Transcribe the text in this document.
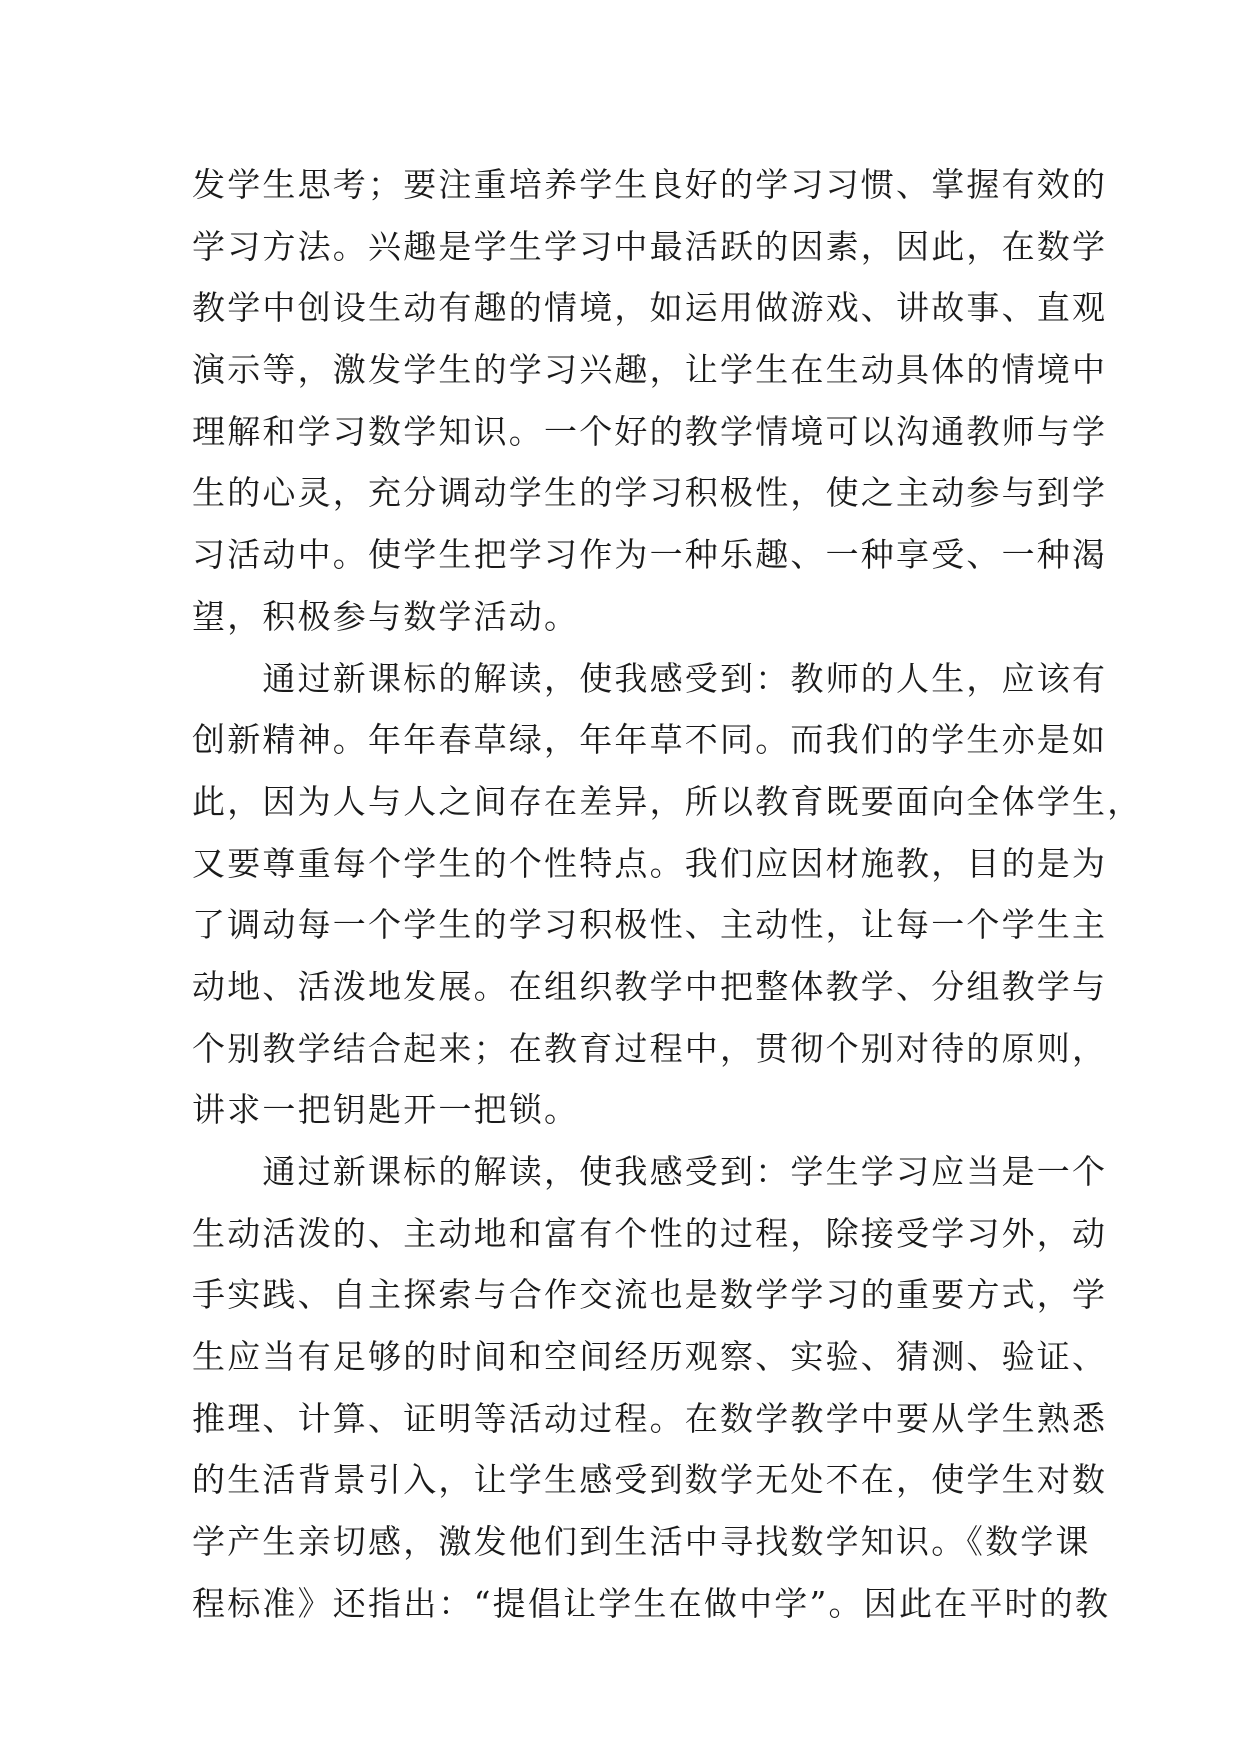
发学生思考；要注重培养学生良好的学习习惯、掌握有效的
学习方法。兴趣是学生学习中最活跃的因素，因此，在数学
教学中创设生动有趣的情境，如运用做游戏、讲故事、直观
演示等，激发学生的学习兴趣，让学生在生动具体的情境中
理解和学习数学知识。一个好的教学情境可以沟通教师与学
生的心灵，充分调动学生的学习积极性，使之主动参与到学
习活动中。使学生把学习作为一种乐趣、一种享受、一种渴
望，积极参与数学活动。
　　通过新课标的解读，使我感受到：教师的人生，应该有
创新精神。年年春草绿，年年草不同。而我们的学生亦是如
此，因为人与人之间存在差异，所以教育既要面向全体学生，
又要尊重每个学生的个性特点。我们应因材施教，目的是为
了调动每一个学生的学习积极性、主动性，让每一个学生主
动地、活泼地发展。在组织教学中把整体教学、分组教学与
个别教学结合起来；在教育过程中，贯彻个别对待的原则，
讲求一把钥匙开一把锁。
　　通过新课标的解读，使我感受到：学生学习应当是一个
生动活泼的、主动地和富有个性的过程，除接受学习外，动
手实践、自主探索与合作交流也是数学学习的重要方式，学
生应当有足够的时间和空间经历观察、实验、猜测、验证、
推理、计算、证明等活动过程。在数学教学中要从学生熟悉
的生活背景引入，让学生感受到数学无处不在，使学生对数
学产生亲切感，激发他们到生活中寻找数学知识。《数学课
程标准》还指出：“提倡让学生在做中学”。因此在平时的教
